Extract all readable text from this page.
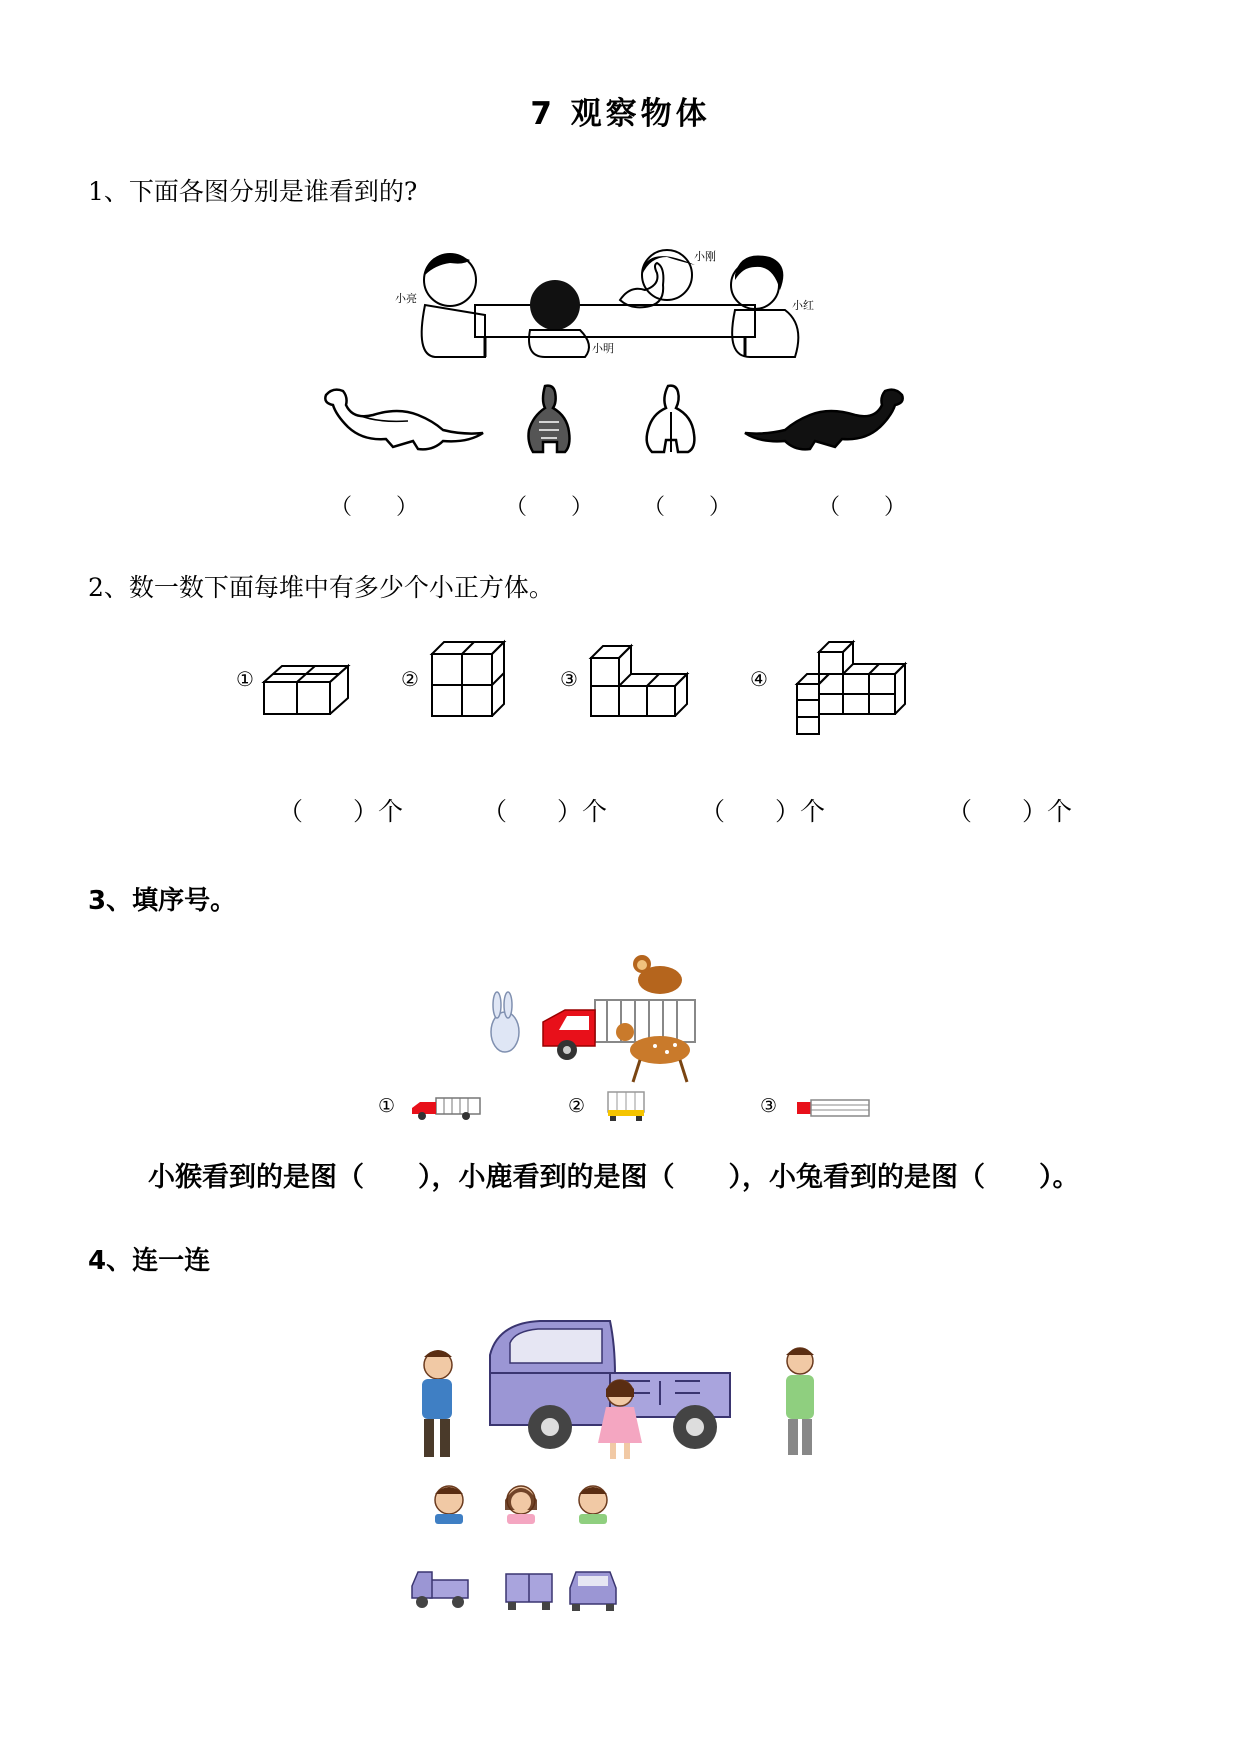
7 观察物体
1、下面各图分别是谁看到的?
小亮
小刚
小红
小明
（　　）	（　　） （　　）	（　　）
2、数一数下面每堆中有多少个小正方体。
①	②	③	④
（　　）个	（　　）个	（　　）个	（　　）个
3、填序号。
①	②	③
小猴看到的是图（　　），小鹿看到的是图（　　），小兔看到的是图（　　）。
4、连一连
